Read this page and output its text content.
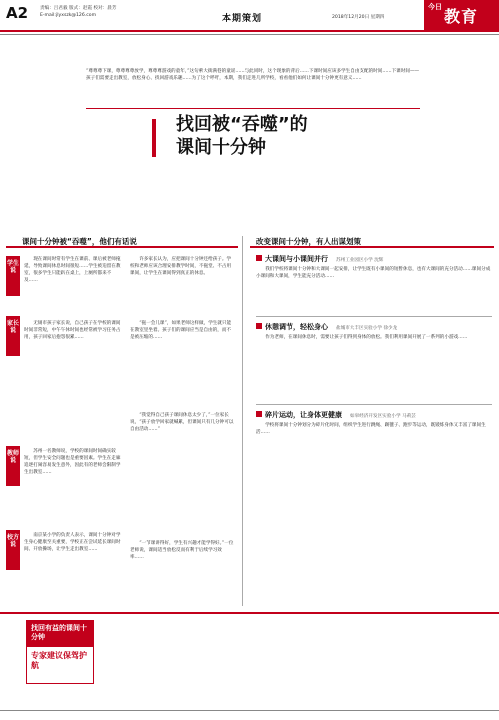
A2	责编：吕君毅 版式：赵霞 校对：晨芳
E-mail:jlyxszk@126.com	本期策划	2018年12月20日 星期四
今日 教育
“尊尊尊下课，尊尊尊尊放学，尊尊尊游戏的童年，”这句萦大街满巷的童谣……与此同时，这个现象的背后……下课时间应该多学生自由支配的时间……下课时间——孩子们需要走出教室，放松身心、找回游戏乐趣……为了这个呼吁，本期，我们走进几所学校，看看他们如何让课间十分钟更有意义……
找回被“吞噬”的
课间十分钟
课间十分钟被“吞噬”，他们有话说	改变课间十分钟，有人出谋划策
学生说
家长说
教师说
校方说
现在课间时常有学生在课前、课后被老师拖延，导致课间休息时间很短……学生被迫留在教室，很多学生只能趴在桌上，上厕所都来不及……
无锡市孩子家长说，自己孩子在学校的课间时间非常短，中午午休时间也经常被学习任务占用，孩子回家后抱怨很累……
苏州一名教师说，学校的课间时间确实较短，但学生安全问题也是重要因素。学生在走廊追逐打闹容易发生意外，因此有的老师会限制学生出教室……
南京某小学的负责人表示，课间十分钟对学生身心健康至关重要，学校正在尝试延长课间时间、开放操场，让学生走出教室……
许多家长认为，应把课间十分钟还给孩子。学校和老师应该合理安排教学时间，不拖堂、不占用课间，让学生在课间得到真正的休息。
“拖一会儿课”，如果老师这样做，学生就只能在教室里坐着。孩子们的课间应当是自由的，而不是被压缩的……
“我觉得自己孩子课间休息太少了，”一位家长说，“孩子放学回家就喊累，但课间只有几分钟可以自由活动……”
“一节课讲得好，学生有兴趣才能学得好。”一位老师说，课间适当放松反而有利于后续学习效率……
大课间与小课间并行 苏州工业园区小学 沈辉
我们学校将课间十分钟和大课间一起安排，让学生既有小课间的短暂休息，也有大课间的充分活动……课间分成小课间和大课间，学生能充分活动……
休憩调节，轻松身心 盐城市大丰区实验小学 徐少龙
作为老师，在课间休息时，需要让孩子们得到身体的放松。我们利用课间开展了一系列的小游戏……
碎片运动，让身体更健康 如皋经济开发区实验小学 马莉芸
学校将课间十分钟划分为碎片化时间，组织学生进行跳绳、踢毽子、跑步等运动，既锻炼身体又丰富了课间生活……
找回有益的课间十分钟
专家建议保驾护航
